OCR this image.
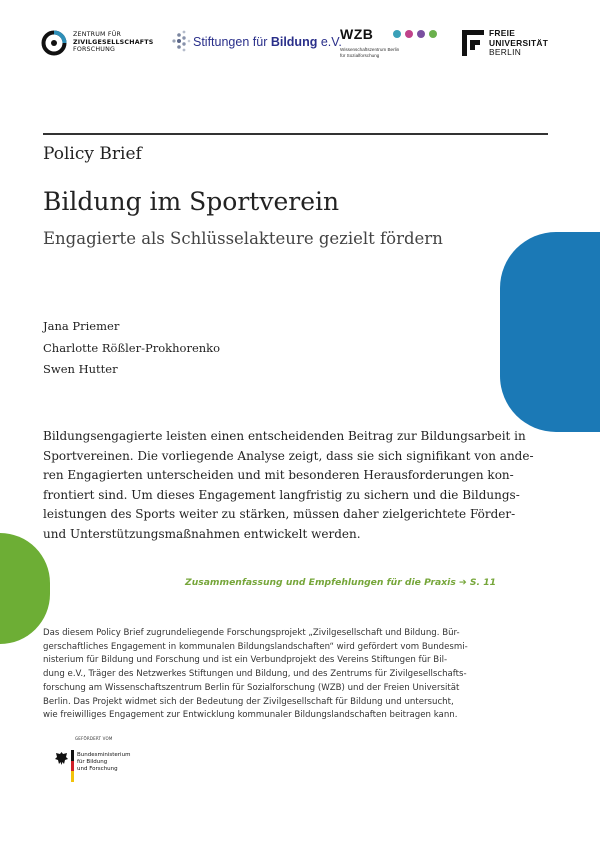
ZENTRUM FÜR
ZIVILGESELLSCHAFTS
FORSCHUNG
Stiftungen für Bildung e.V.
WZB
Wissenschaftszentrum Berlin
für Sozialforschung
FREIE
UNIVERSITÄT
BERLIN
Policy Brief
Bildung im Sportverein
Engagierte als Schlüsselakteure gezielt fördern
Jana Priemer
Charlotte Rößler-Prokhorenko
Swen Hutter
Bildungsengagierte leisten einen entscheidenden Beitrag zur Bildungsarbeit in
Sportvereinen. Die vorliegende Analyse zeigt, dass sie sich signifikant von ande-
ren Engagierten unterscheiden und mit besonderen Herausforderungen kon-
frontiert sind. Um dieses Engagement langfristig zu sichern und die Bildungs-
leistungen des Sports weiter zu stärken, müssen daher zielgerichtete Förder-
und Unterstützungsmaßnahmen entwickelt werden.
Zusammenfassung und Empfehlungen für die Praxis ➔ S. 11
Das diesem Policy Brief zugrundeliegende Forschungsprojekt „Zivilgesellschaft und Bildung. Bür-
gerschaftliches Engagement in kommunalen Bildungslandschaften“ wird gefördert vom Bundesmi-
nisterium für Bildung und Forschung und ist ein Verbundprojekt des Vereins Stiftungen für Bil-
dung e.V., Träger des Netzwerkes Stiftungen und Bildung, und des Zentrums für Zivilgesellschafts-
forschung am Wissenschaftszentrum Berlin für Sozialforschung (WZB) und der Freien Universität
Berlin. Das Projekt widmet sich der Bedeutung der Zivilgesellschaft für Bildung und untersucht,
wie freiwilliges Engagement zur Entwicklung kommunaler Bildungslandschaften beitragen kann.
GEFÖRDERT VOM
Bundesministerium
für Bildung
und Forschung
